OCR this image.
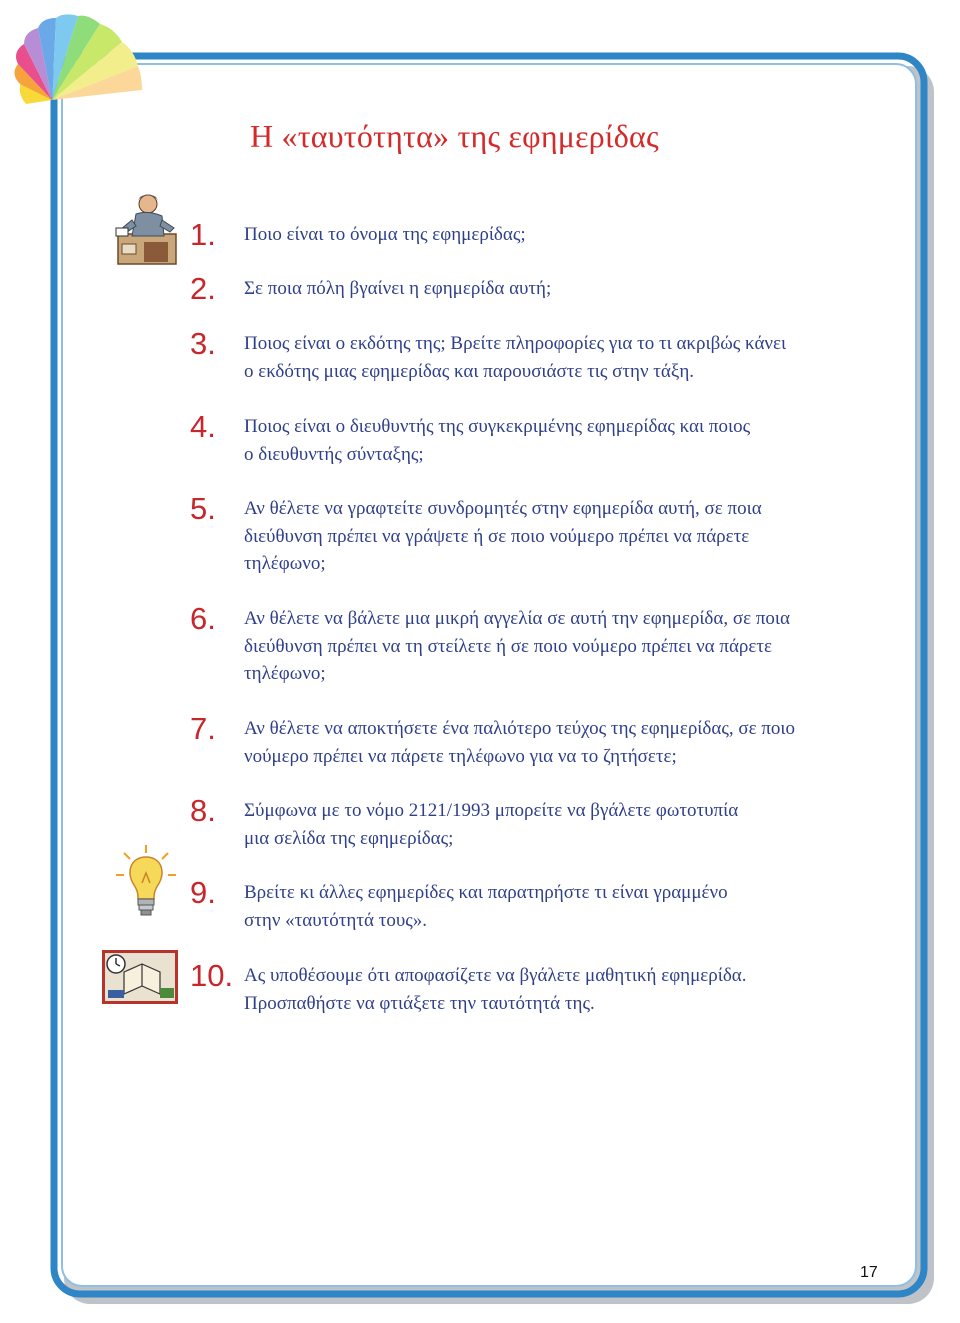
Η «ταυτότητα» της εφημερίδας
1.	Ποιο είναι το όνομα της εφημερίδας;
2.	Σε ποια πόλη βγαίνει η εφημερίδα αυτή;
3.	Ποιος είναι ο εκδότης της; Βρείτε πληροφορίες για το τι ακριβώς κάνει
ο εκδότης μιας εφημερίδας και παρουσιάστε τις στην τάξη.
4.	Ποιος είναι ο διευθυντής της συγκεκριμένης εφημερίδας και ποιος
ο διευθυντής σύνταξης;
5.	Αν θέλετε να γραφτείτε συνδρομητές στην εφημερίδα αυτή, σε ποια
διεύθυνση πρέπει να γράψετε ή σε ποιο νούμερο πρέπει να πάρετε
τηλέφωνο;
6.	Αν θέλετε να βάλετε μια μικρή αγγελία σε αυτή την εφημερίδα, σε ποια
διεύθυνση πρέπει να τη στείλετε ή σε ποιο νούμερο πρέπει να πάρετε
τηλέφωνο;
7.	Αν θέλετε να αποκτήσετε ένα παλιότερο τεύχος της εφημερίδας, σε ποιο
νούμερο πρέπει να πάρετε τηλέφωνο για να το ζητήσετε;
8.	Σύμφωνα με το νόμο 2121/1993 μπορείτε να βγάλετε φωτοτυπία
μια σελίδα της εφημερίδας;
9.	Βρείτε κι άλλες εφημερίδες και παρατηρήστε τι είναι γραμμένο
στην «ταυτότητά τους».
10. Ας υποθέσουμε ότι αποφασίζετε να βγάλετε μαθητική εφημερίδα.
Προσπαθήστε να φτιάξετε την ταυτότητά της.
17
